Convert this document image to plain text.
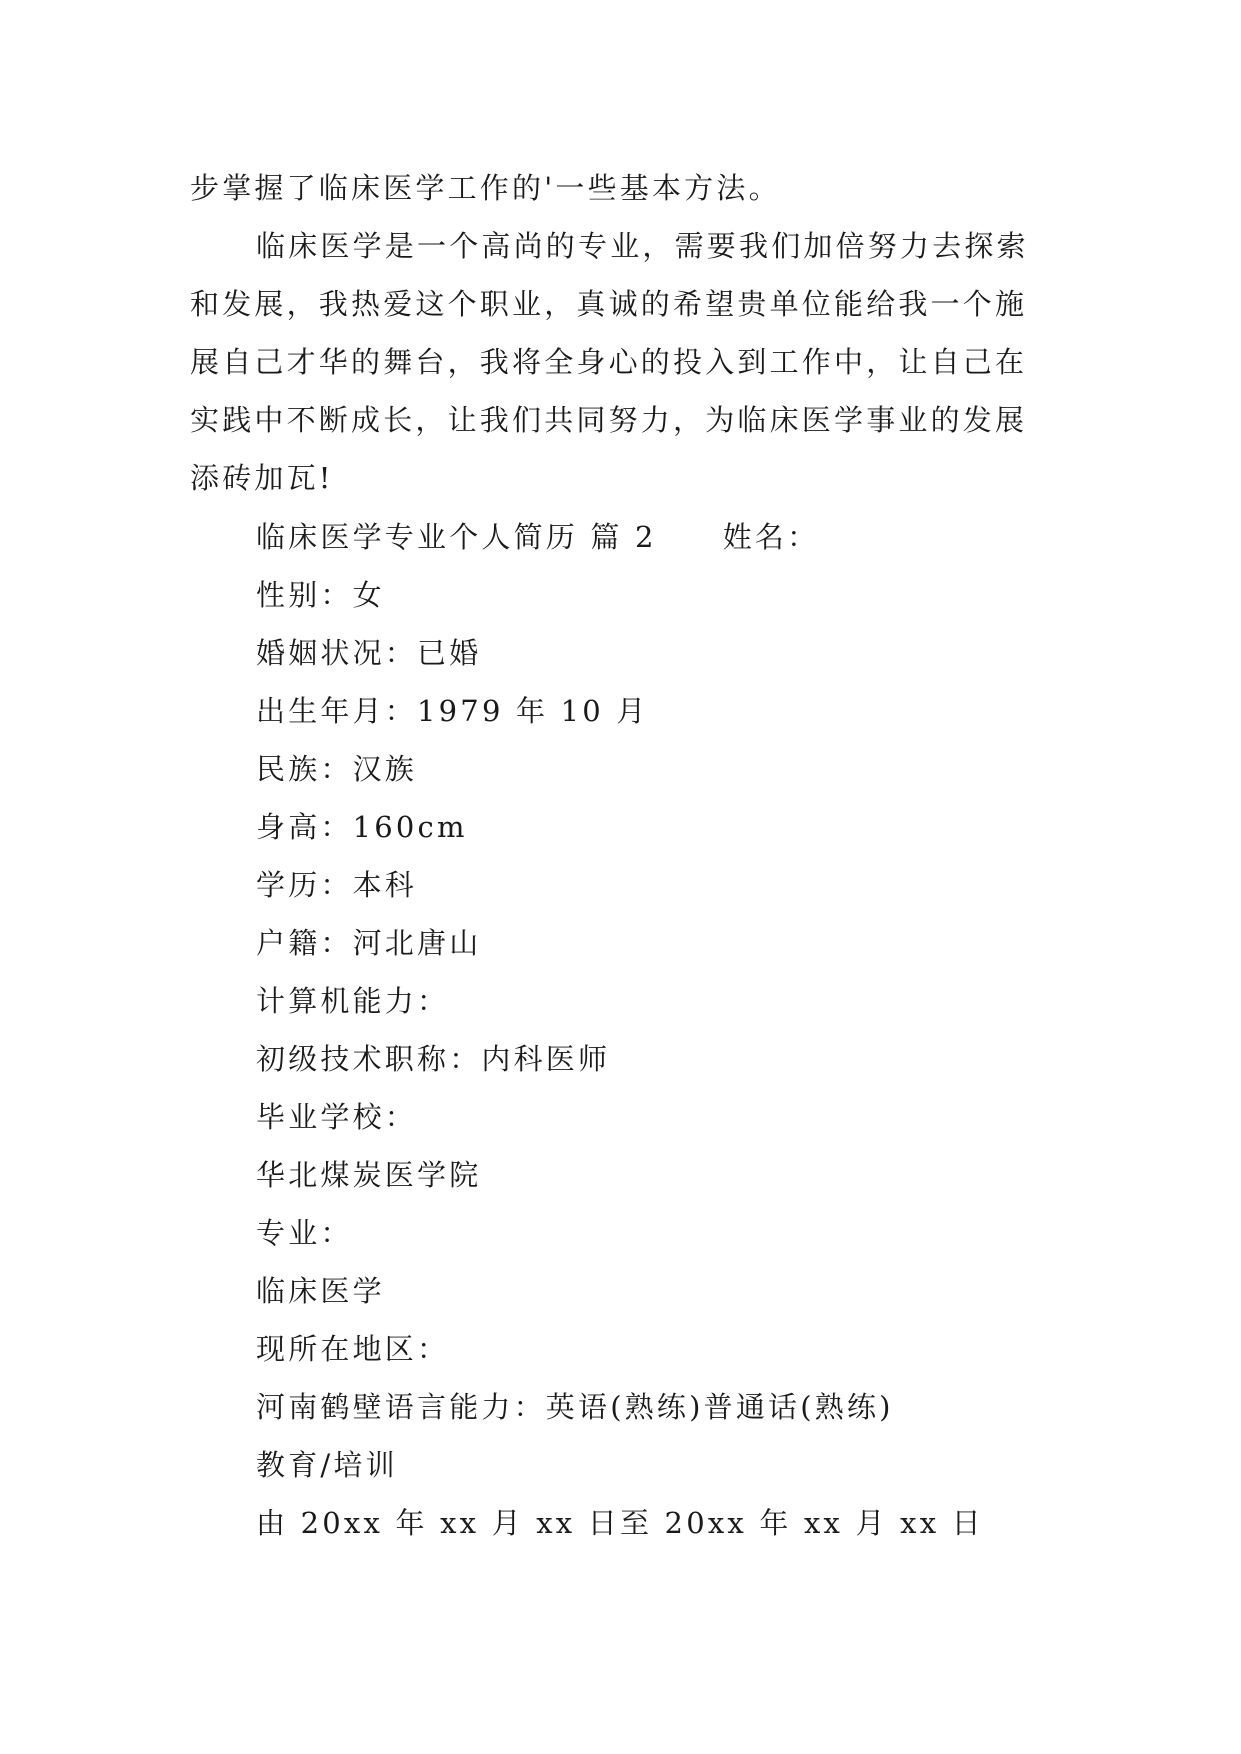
步掌握了临床医学工作的'一些基本方法。
临床医学是一个高尚的专业，需要我们加倍努力去探索
和发展，我热爱这个职业，真诚的希望贵单位能给我一个施
展自己才华的舞台，我将全身心的投入到工作中，让自己在
实践中不断成长，让我们共同努力，为临床医学事业的发展
添砖加瓦!
临床医学专业个人简历 篇 2 姓名：
性别：女
婚姻状况：已婚
出生年月：1979 年 10 月
民族：汉族
身高：160cm
学历：本科
户籍：河北唐山
计算机能力：
初级技术职称：内科医师
毕业学校：
华北煤炭医学院
专业：
临床医学
现所在地区：
河南鹤壁语言能力：英语(熟练)普通话(熟练)
教育/培训
由 20xx 年 xx 月 xx 日至 20xx 年 xx 月 xx 日
